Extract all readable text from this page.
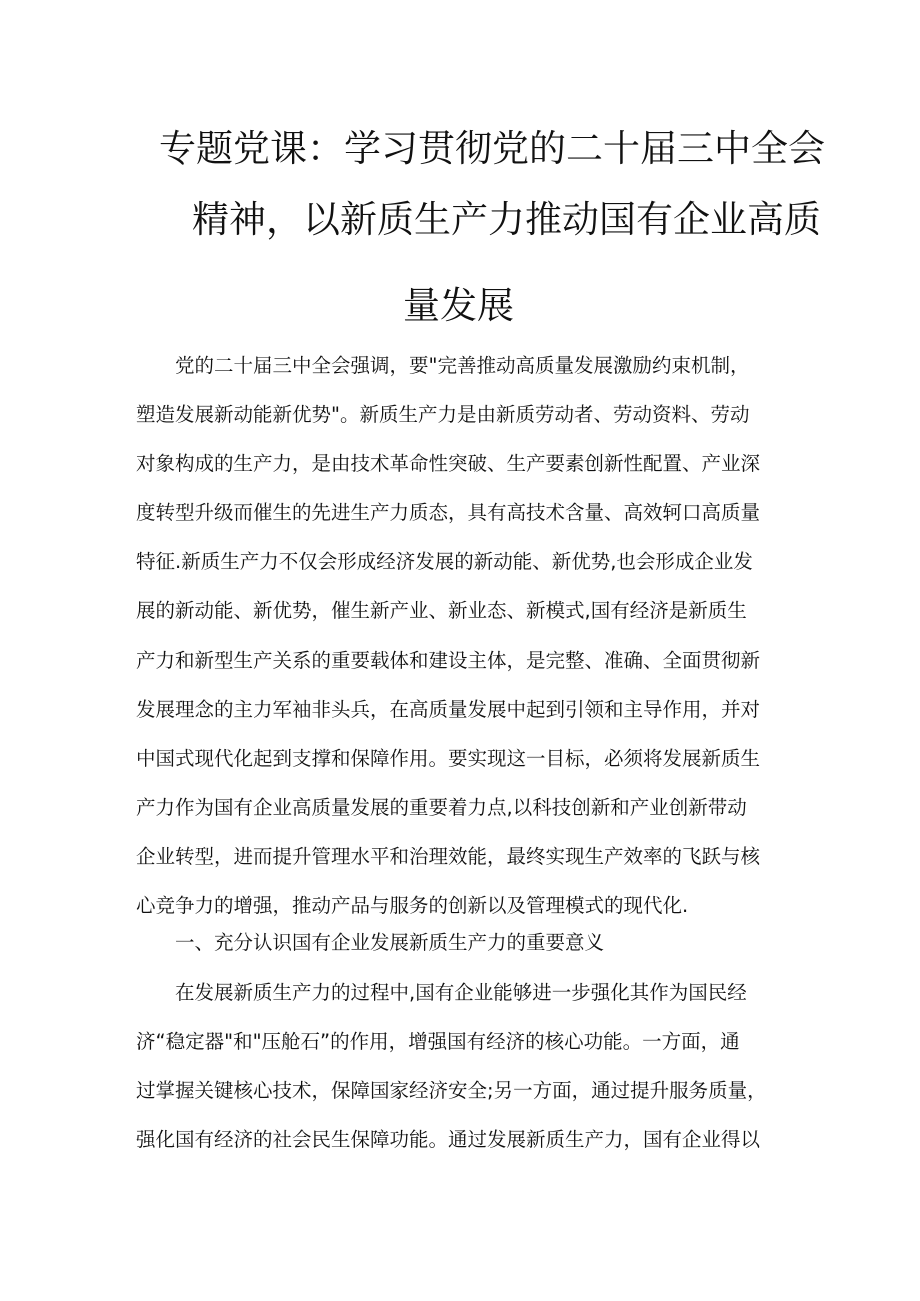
专题党课：学习贯彻党的二十届三中全会
精神，以新质生产力推动国有企业高质
量发展
　　党的二十届三中全会强调，要"完善推动高质量发展激励约束机制，
塑造发展新动能新优势"。新质生产力是由新质劳动者、劳动资料、劳动
对象构成的生产力，是由技术革命性突破、生产要素创新性配置、产业深
度转型升级而催生的先进生产力质态，具有高技术含量、高效轲口高质量
特征.新质生产力不仅会形成经济发展的新动能、新优势,也会形成企业发
展的新动能、新优势，催生新产业、新业态、新模式,国有经济是新质生
产力和新型生产关系的重要载体和建设主体，是完整、准确、全面贯彻新
发展理念的主力军袖非头兵，在高质量发展中起到引领和主导作用，并对
中国式现代化起到支撑和保障作用。要实现这一目标，必须将发展新质生
产力作为国有企业高质量发展的重要着力点,以科技创新和产业创新带动
企业转型，进而提升管理水平和治理效能，最终实现生产效率的飞跃与核
心竞争力的增强，推动产品与服务的创新以及管理模式的现代化.
　　一、充分认识国有企业发展新质生产力的重要意义
　　在发展新质生产力的过程中,国有企业能够进一步强化其作为国民经
济“稳定器"和"压舱石”的作用，增强国有经济的核心功能。一方面，通
过掌握关键核心技术，保障国家经济安全;另一方面，通过提升服务质量，
强化国有经济的社会民生保障功能。通过发展新质生产力，国有企业得以
